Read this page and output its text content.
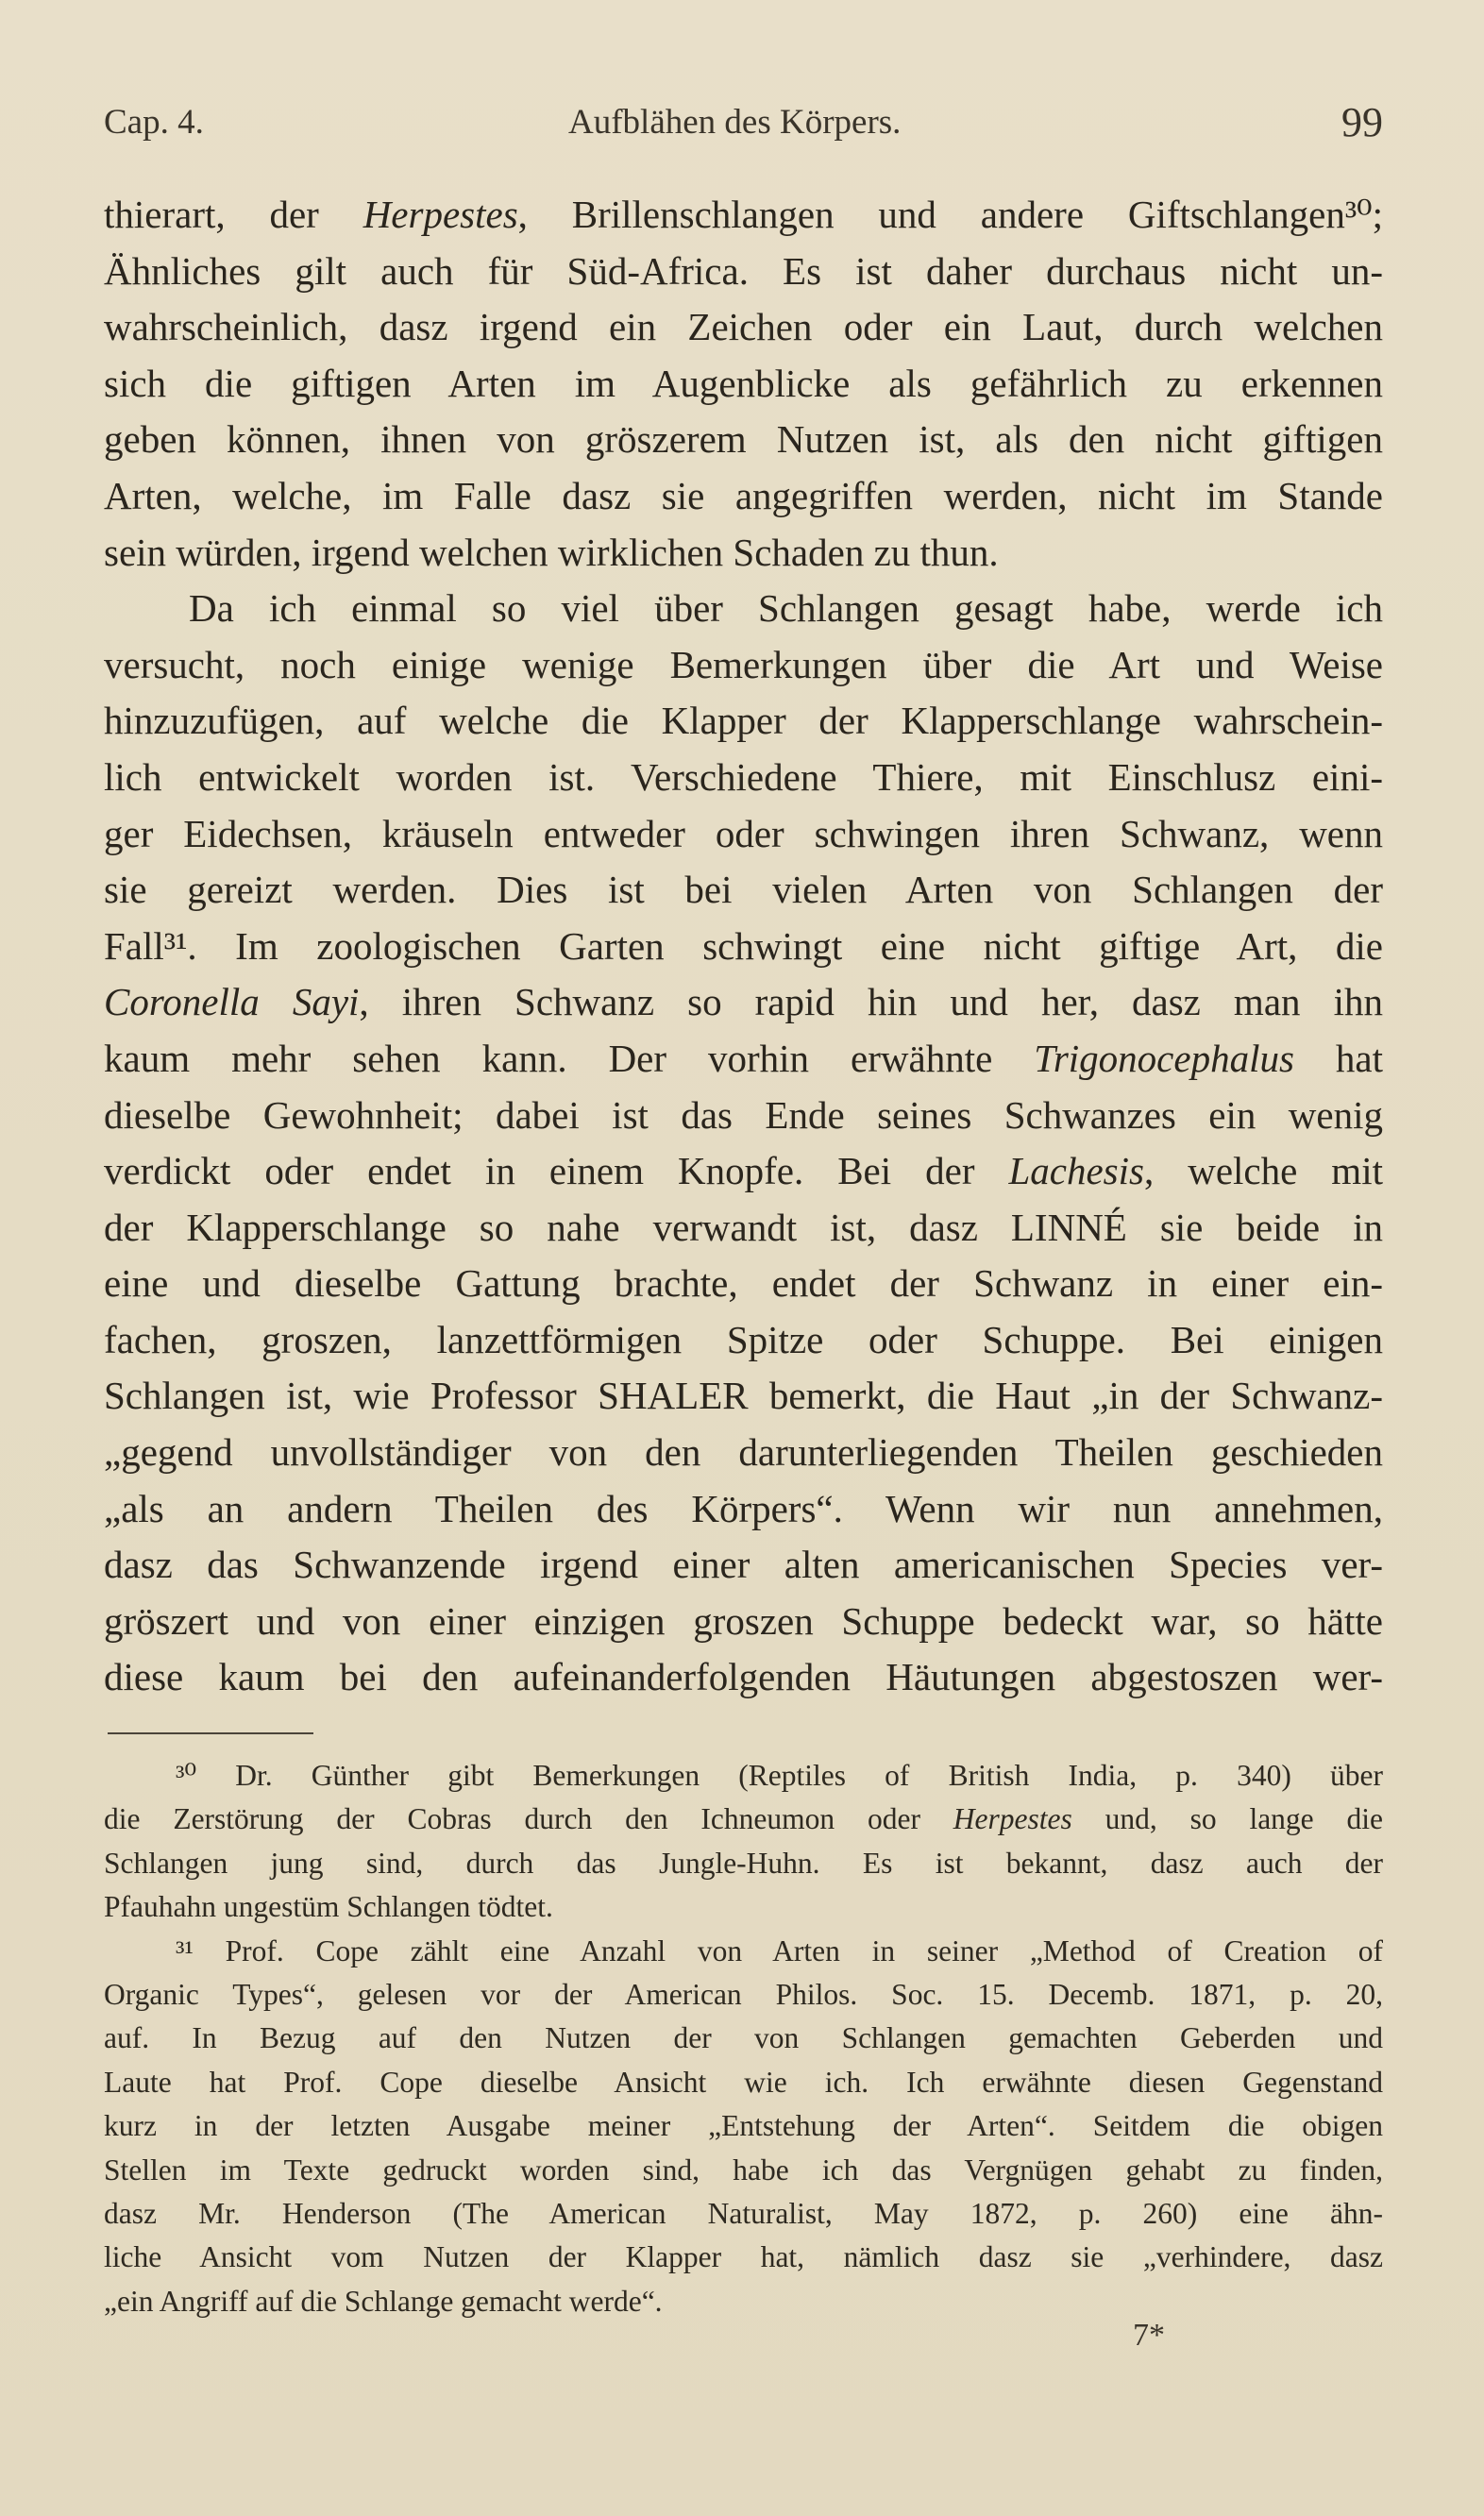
Cap. 4.	Aufblähen des Körpers.	99
thierart, der Herpestes, Brillenschlangen und andere Giftschlangen³⁰;
Ähnliches gilt auch für Süd-Africa. Es ist daher durchaus nicht un-
wahrscheinlich, dasz irgend ein Zeichen oder ein Laut, durch welchen
sich die giftigen Arten im Augenblicke als gefährlich zu erkennen
geben können, ihnen von gröszerem Nutzen ist, als den nicht giftigen
Arten, welche, im Falle dasz sie angegriffen werden, nicht im Stande
sein würden, irgend welchen wirklichen Schaden zu thun.
Da ich einmal so viel über Schlangen gesagt habe, werde ich
versucht, noch einige wenige Bemerkungen über die Art und Weise
hinzuzufügen, auf welche die Klapper der Klapperschlange wahrschein-
lich entwickelt worden ist. Verschiedene Thiere, mit Einschlusz eini-
ger Eidechsen, kräuseln entweder oder schwingen ihren Schwanz, wenn
sie gereizt werden. Dies ist bei vielen Arten von Schlangen der
Fall³¹. Im zoologischen Garten schwingt eine nicht giftige Art, die
Coronella Sayi, ihren Schwanz so rapid hin und her, dasz man ihn
kaum mehr sehen kann. Der vorhin erwähnte Trigonocephalus hat
dieselbe Gewohnheit; dabei ist das Ende seines Schwanzes ein wenig
verdickt oder endet in einem Knopfe. Bei der Lachesis, welche mit
der Klapperschlange so nahe verwandt ist, dasz LINNÉ sie beide in
eine und dieselbe Gattung brachte, endet der Schwanz in einer ein-
fachen, groszen, lanzettförmigen Spitze oder Schuppe. Bei einigen
Schlangen ist, wie Professor SHALER bemerkt, die Haut „in der Schwanz-
„gegend unvollständiger von den darunterliegenden Theilen geschieden
„als an andern Theilen des Körpers“. Wenn wir nun annehmen,
dasz das Schwanzende irgend einer alten americanischen Species ver-
gröszert und von einer einzigen groszen Schuppe bedeckt war, so hätte
diese kaum bei den aufeinanderfolgenden Häutungen abgestoszen wer-
³⁰ Dr. Günther gibt Bemerkungen (Reptiles of British India, p. 340) über
die Zerstörung der Cobras durch den Ichneumon oder Herpestes und, so lange die
Schlangen jung sind, durch das Jungle-Huhn. Es ist bekannt, dasz auch der
Pfauhahn ungestüm Schlangen tödtet.
³¹ Prof. Cope zählt eine Anzahl von Arten in seiner „Method of Creation of
Organic Types“, gelesen vor der American Philos. Soc. 15. Decemb. 1871, p. 20,
auf. In Bezug auf den Nutzen der von Schlangen gemachten Geberden und
Laute hat Prof. Cope dieselbe Ansicht wie ich. Ich erwähnte diesen Gegenstand
kurz in der letzten Ausgabe meiner „Entstehung der Arten“. Seitdem die obigen
Stellen im Texte gedruckt worden sind, habe ich das Vergnügen gehabt zu finden,
dasz Mr. Henderson (The American Naturalist, May 1872, p. 260) eine ähn-
liche Ansicht vom Nutzen der Klapper hat, nämlich dasz sie „verhindere, dasz
„ein Angriff auf die Schlange gemacht werde“.
7*
